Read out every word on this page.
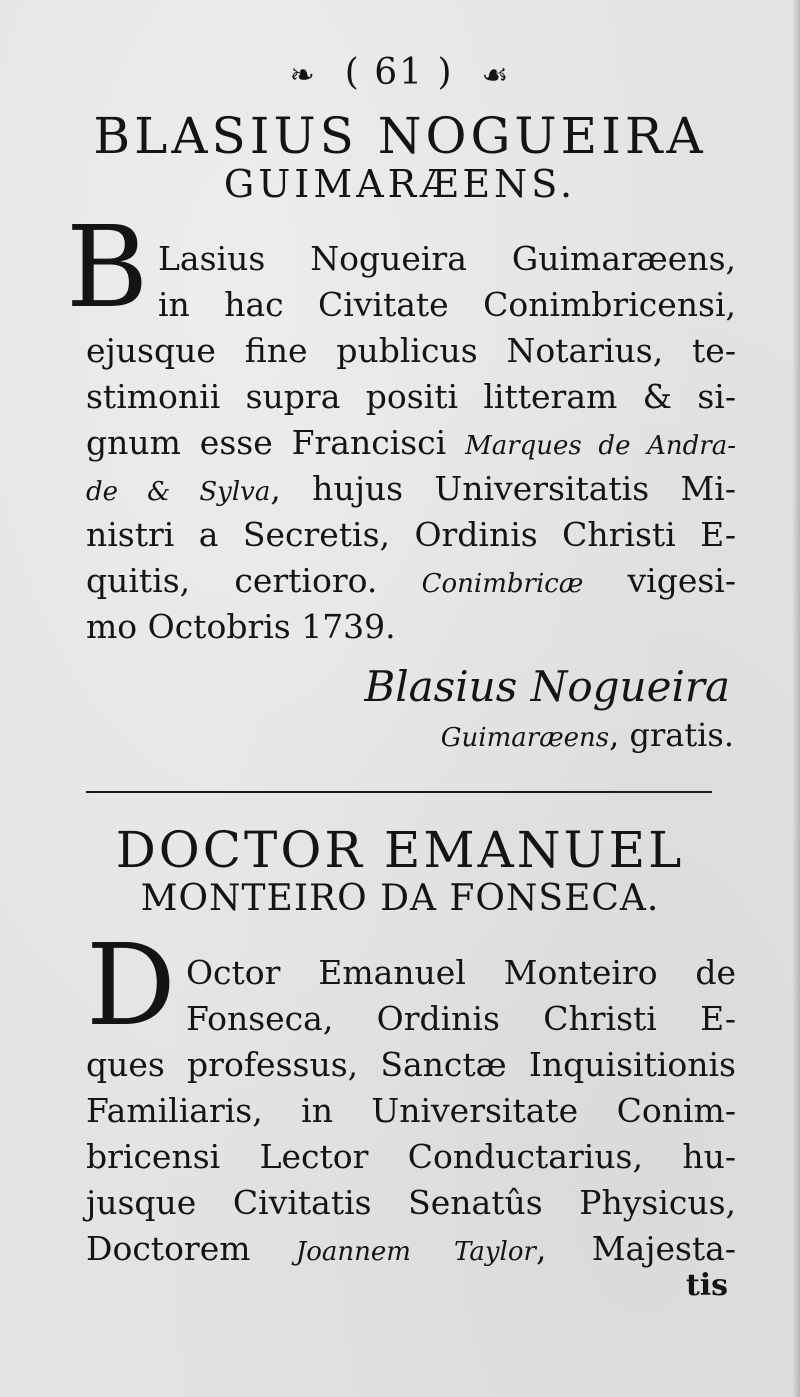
❧ ( 61 ) ☙
BLASIUS NOGUEIRA
GUIMARÆENS.
B Lasius Nogueira Guimaræens,
in hac Civitate Conimbricensi,
ejusque fine publicus Notarius, te-
stimonii supra positi litteram & si-
gnum esse Francisci Marques de Andra-
de & Sylva, hujus Universitatis Mi-
nistri a Secretis, Ordinis Christi E-
quitis, certioro. Conimbricæ vigesi-
mo Octobris 1739.
Blasius Nogueira
Guimaræens, gratis.
DOCTOR EMANUEL
MONTEIRO DA FONSECA.
D Octor Emanuel Monteiro de
Fonseca, Ordinis Christi E-
ques professus, Sanctæ Inquisitionis
Familiaris, in Universitate Conim-
bricensi Lector Conductarius, hu-
jusque Civitatis Senatûs Physicus,
Doctorem Joannem Taylor, Majesta-
tis
